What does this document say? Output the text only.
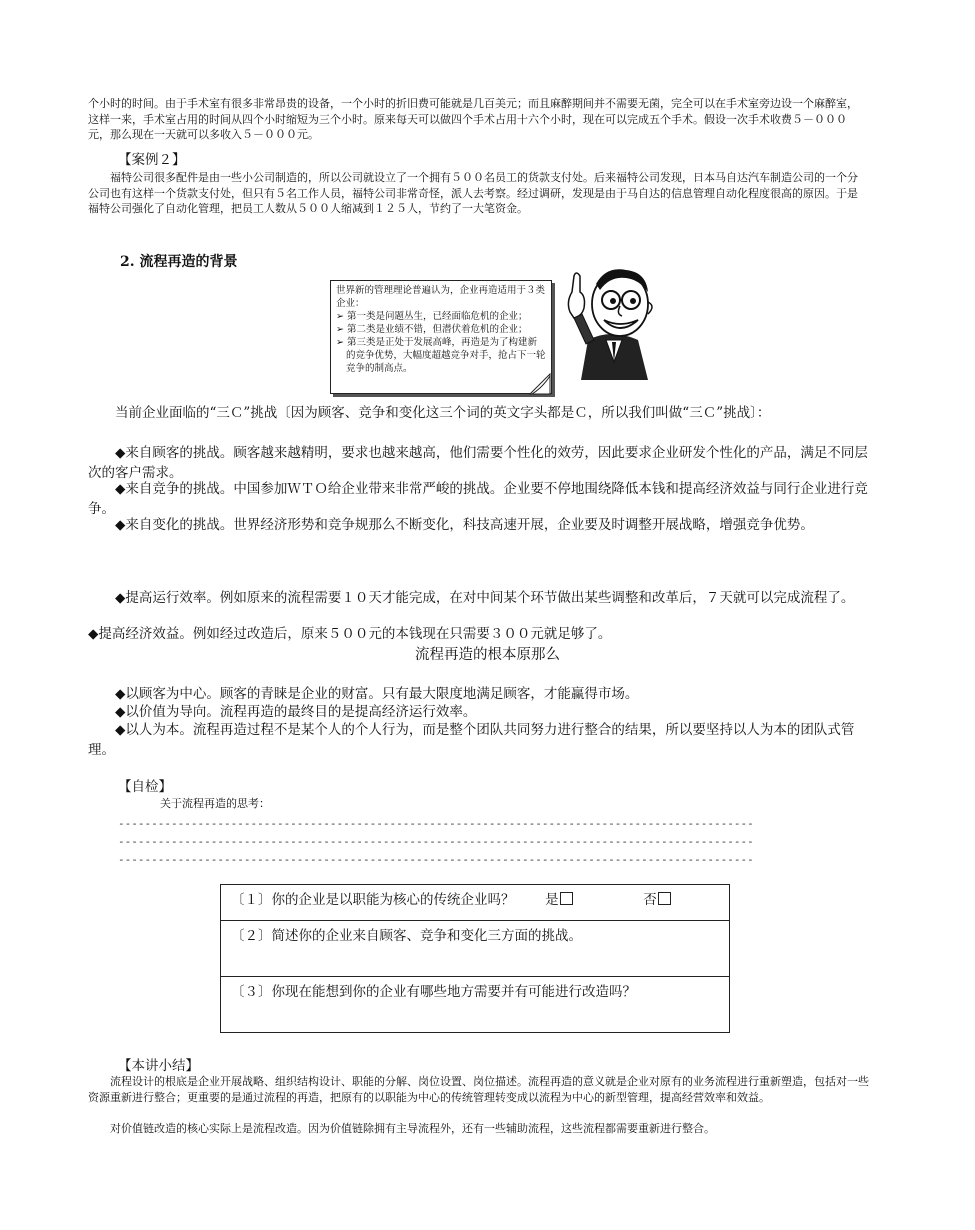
个小时的时间。由于手术室有很多非常昂贵的设备，一个小时的折旧费可能就是几百美元；而且麻醉期间并不需要无菌，完全可以在手术室旁边设一个麻醉室，这样一来，手术室占用的时间从四个小时缩短为三个小时。原来每天可以做四个手术占用十六个小时，现在可以完成五个手术。假设一次手术收费５－０００元，那么现在一天就可以多收入５－０００元。
【案例２】
福特公司很多配件是由一些小公司制造的，所以公司就设立了一个拥有５００名员工的货款支付处。后来福特公司发现，日本马自达汽车制造公司的一个分公司也有这样一个货款支付处，但只有５名工作人员，福特公司非常奇怪，派人去考察。经过调研，发现是由于马自达的信息管理自动化程度很高的原因。于是福特公司强化了自动化管理，把员工人数从５００人缩减到１２５人，节约了一大笔资金。
2. 流程再造的背景
世界新的管理理论普遍认为，企业再造适用于３类企业：
➢ 第一类是问题丛生，已经面临危机的企业；
➢ 第二类是业绩不错，但潜伏着危机的企业；
➢ 第三类是正处于发展高峰，再造是为了构建新的竞争优势，大幅度超越竞争对手，抢占下一轮竞争的制高点。
当前企业面临的“三Ｃ”挑战〔因为顾客、竞争和变化这三个词的英文字头都是Ｃ，所以我们叫做“三Ｃ”挑战〕：
◆来自顾客的挑战。顾客越来越精明，要求也越来越高，他们需要个性化的效劳，因此要求企业研发个性化的产品，满足不同层次的客户需求。
◆来自竞争的挑战。中国参加ＷＴＯ给企业带来非常严峻的挑战。企业要不停地围绕降低本钱和提高经济效益与同行企业进行竞争。
◆来自变化的挑战。世界经济形势和竞争规那么不断变化，科技高速开展，企业要及时调整开展战略，增强竞争优势。
◆提高运行效率。例如原来的流程需要１０天才能完成，在对中间某个环节做出某些调整和改革后，７天就可以完成流程了。
◆提高经济效益。例如经过改造后，原来５００元的本钱现在只需要３００元就足够了。
流程再造的根本原那么
◆以顾客为中心。顾客的青睐是企业的财富。只有最大限度地满足顾客，才能赢得市场。
◆以价值为导向。流程再造的最终目的是提高经济运行效率。
◆以人为本。流程再造过程不是某个人的个人行为，而是整个团队共同努力进行整合的结果，所以要坚持以人为本的团队式管理。
【自检】
关于流程再造的思考：
------------------------------------------------------------------------------------------------
------------------------------------------------------------------------------------------------
------------------------------------------------------------------------------------------------
〔１〕你的企业是以职能为核心的传统企业吗？ 是	否
〔２〕简述你的企业来自顾客、竞争和变化三方面的挑战。
〔３〕你现在能想到你的企业有哪些地方需要并有可能进行改造吗？
【本讲小结】
流程设计的根底是企业开展战略、组织结构设计、职能的分解、岗位设置、岗位描述。流程再造的意义就是企业对原有的业务流程进行重新塑造，包括对一些资源重新进行整合；更重要的是通过流程的再造，把原有的以职能为中心的传统管理转变成以流程为中心的新型管理，提高经营效率和效益。
对价值链改造的核心实际上是流程改造。因为价值链除拥有主导流程外，还有一些辅助流程，这些流程都需要重新进行整合。
